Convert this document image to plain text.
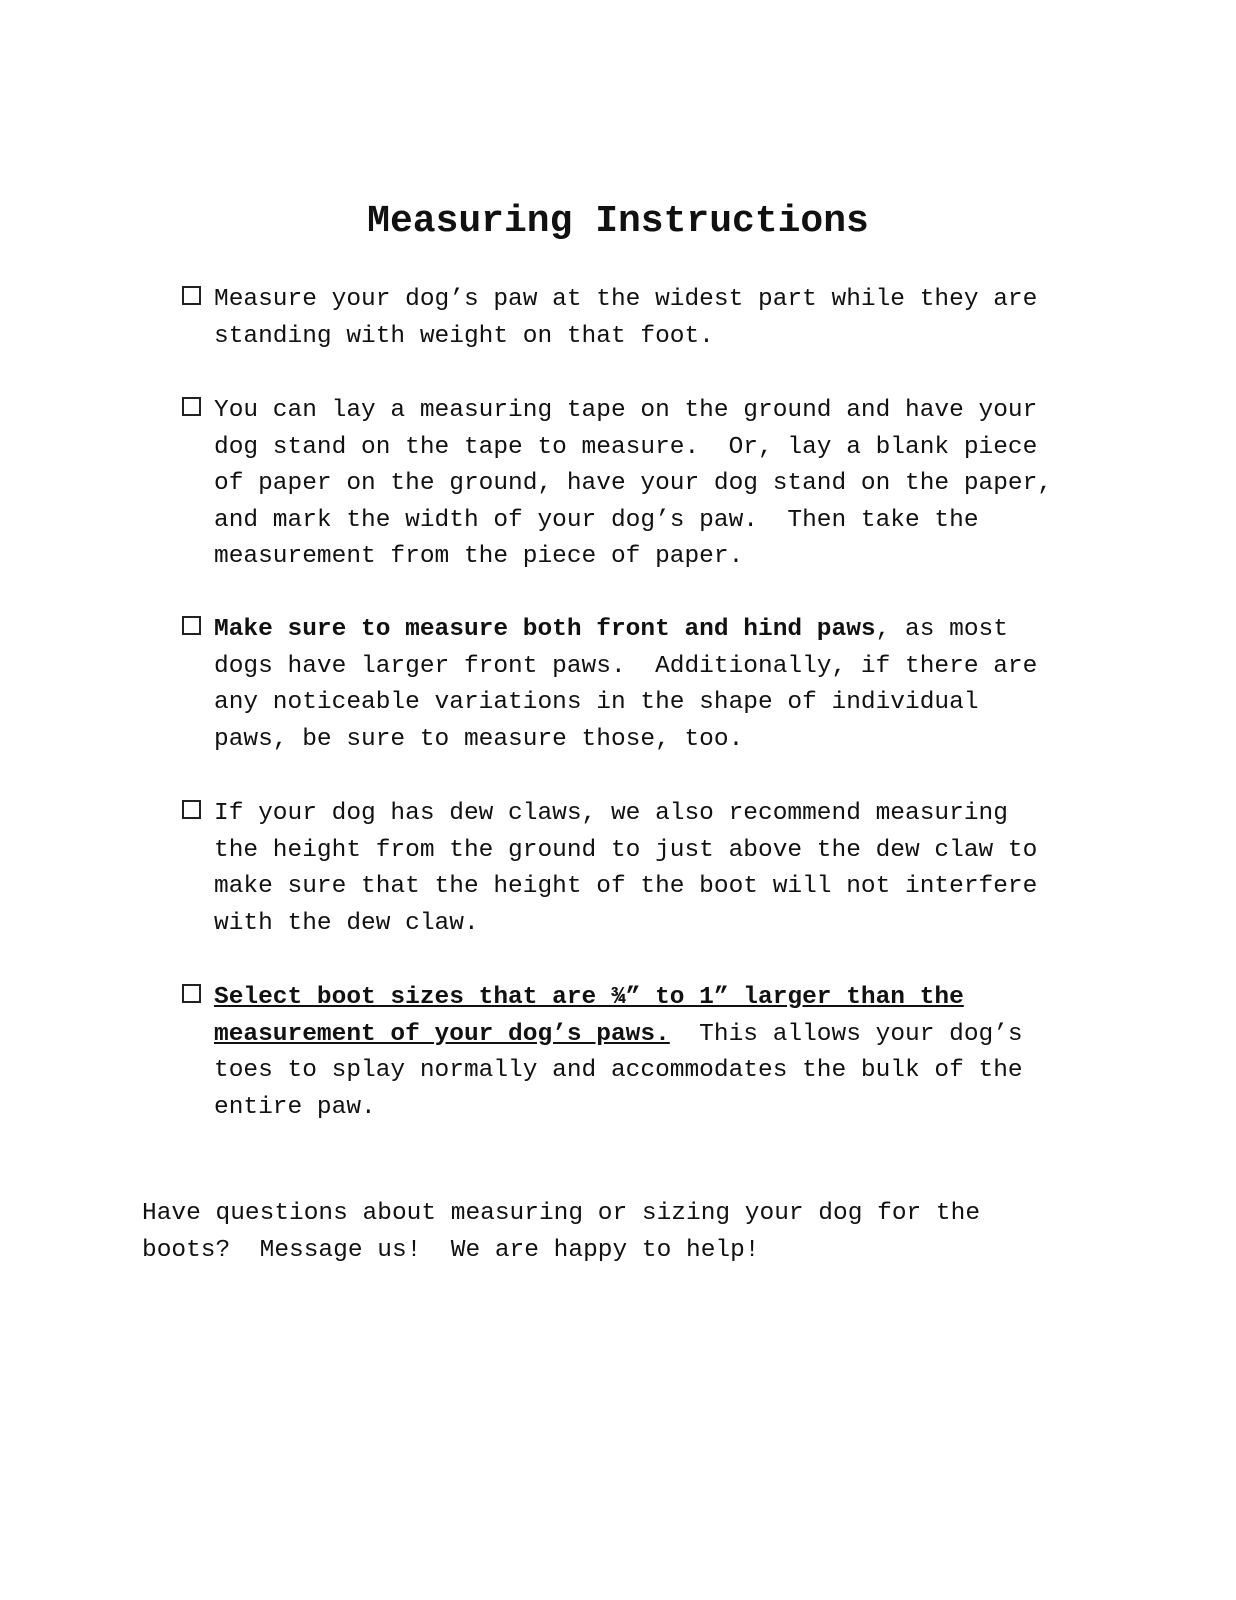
Measuring Instructions
Measure your dog’s paw at the widest part while they are
standing with weight on that foot.
You can lay a measuring tape on the ground and have your
dog stand on the tape to measure.  Or, lay a blank piece
of paper on the ground, have your dog stand on the paper,
and mark the width of your dog’s paw.  Then take the
measurement from the piece of paper.
Make sure to measure both front and hind paws, as most
dogs have larger front paws.  Additionally, if there are
any noticeable variations in the shape of individual
paws, be sure to measure those, too.
If your dog has dew claws, we also recommend measuring
the height from the ground to just above the dew claw to
make sure that the height of the boot will not interfere
with the dew claw.
Select boot sizes that are ¾” to 1” larger than the
measurement of your dog’s paws.  This allows your dog’s
toes to splay normally and accommodates the bulk of the
entire paw.

Have questions about measuring or sizing your dog for the
boots?  Message us!  We are happy to help!
